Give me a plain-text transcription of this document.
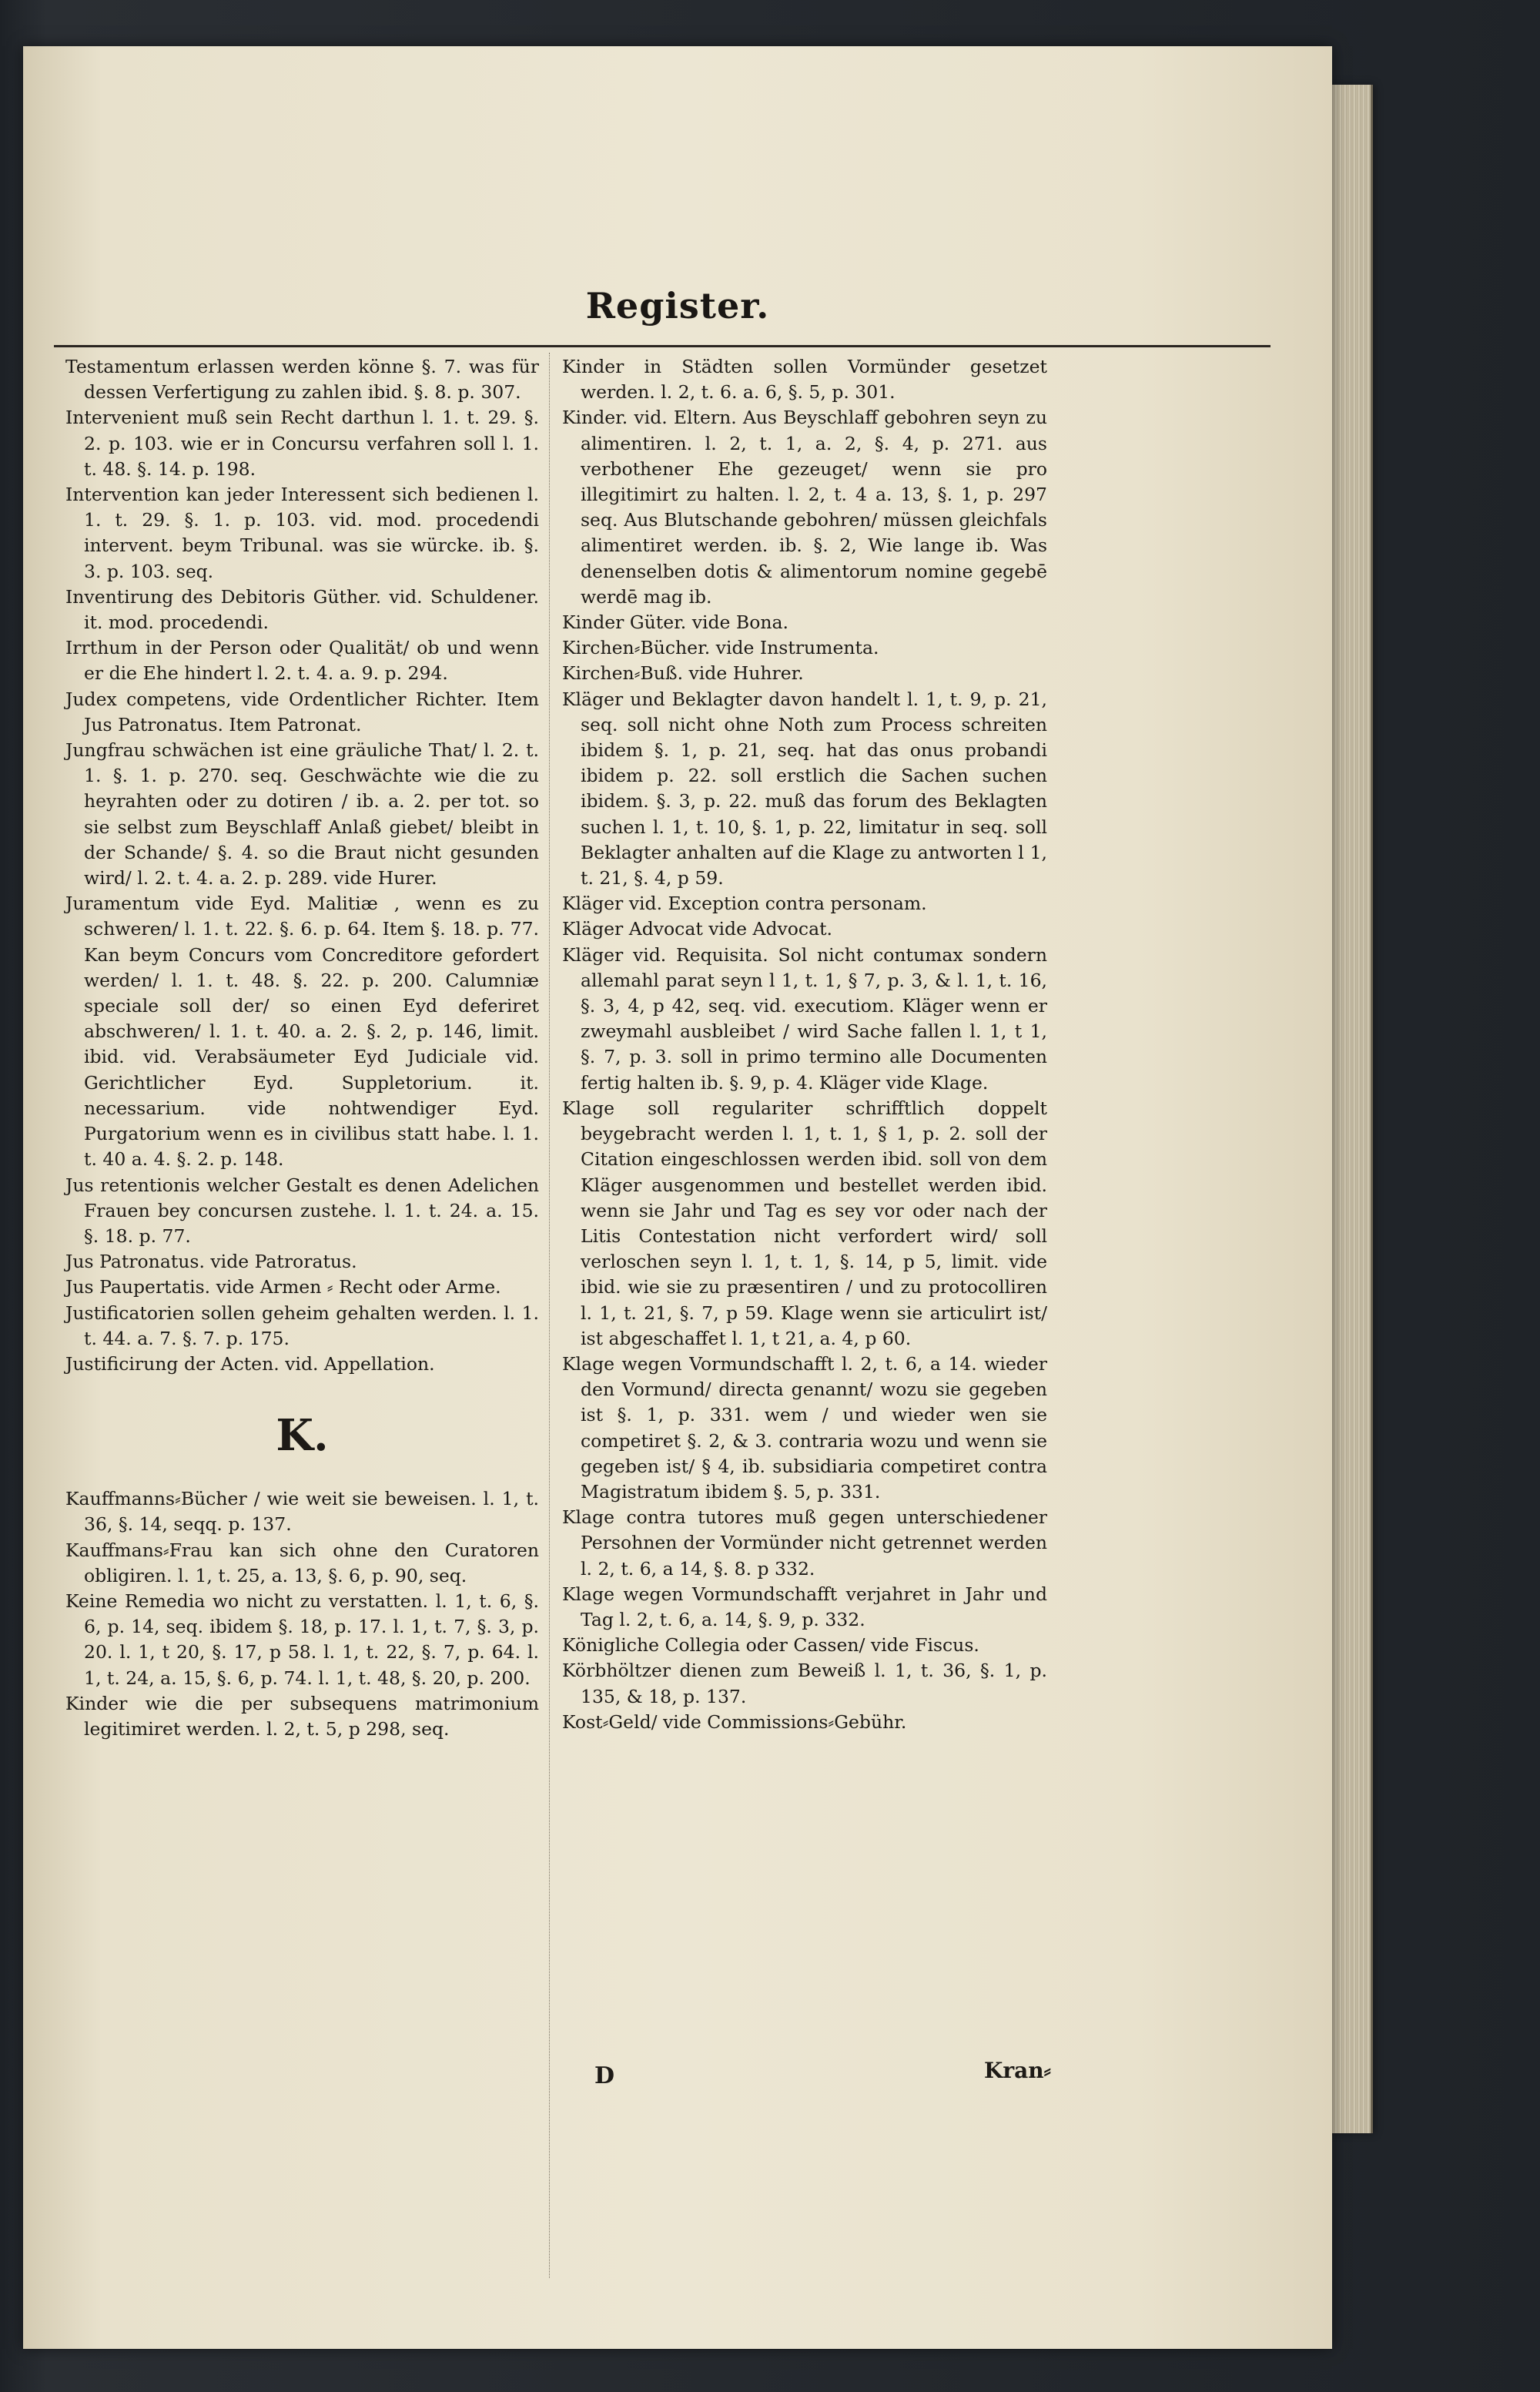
Register.

Testamentum erlassen werden könne §. 7. was für dessen Verfertigung zu zahlen ibid. §. 8. p. 307.

Intervenient muß sein Recht darthun l. 1. t. 29. §. 2. p. 103. wie er in Concursu verfahren soll l. 1. t. 48. §. 14. p. 198.

Intervention kan jeder Interessent sich bedienen l. 1. t. 29. §. 1. p. 103. vid. mod. procedendi intervent. beym Tribunal. was sie würcke. ib. §. 3. p. 103. seq.

Inventirung des Debitoris Güther. vid. Schuldener. it. mod. procedendi.

Irrthum in der Person oder Qualität/ ob und wenn er die Ehe hindert l. 2. t. 4. a. 9. p. 294.

Judex competens, vide Ordentlicher Richter. Item Jus Patronatus. Item Patronat.

Jungfrau schwächen ist eine gräuliche That/ l. 2. t. 1. §. 1. p. 270. seq. Geschwächte wie die zu heyrahten oder zu dotiren / ib. a. 2. per tot. so sie selbst zum Beyschlaff Anlaß giebet/ bleibt in der Schande/ §. 4. so die Braut nicht gesunden wird/ l. 2. t. 4. a. 2. p. 289. vide Hurer.

Juramentum vide Eyd. Malitiæ , wenn es zu schweren/ l. 1. t. 22. §. 6. p. 64. Item §. 18. p. 77. Kan beym Concurs vom Concreditore gefordert werden/ l. 1. t. 48. §. 22. p. 200. Calumniæ speciale soll der/ so einen Eyd deferiret abschweren/ l. 1. t. 40. a. 2. §. 2, p. 146, limit. ibid. vid. Verabsäumeter Eyd Judiciale vid. Gerichtlicher Eyd. Suppletorium. it. necessarium. vide nohtwendiger Eyd. Purgatorium wenn es in civilibus statt habe. l. 1. t. 40 a. 4. §. 2. p. 148.

Jus retentionis welcher Gestalt es denen Adelichen Frauen bey concursen zustehe. l. 1. t. 24. a. 15. §. 18. p. 77.

Jus Patronatus. vide Patroratus.

Jus Paupertatis. vide Armen ⸗ Recht oder Arme.

Justificatorien sollen geheim gehalten werden. l. 1. t. 44. a. 7. §. 7. p. 175.

Justificirung der Acten. vid. Appellation.

K.

Kauffmanns⸗Bücher / wie weit sie beweisen. l. 1, t. 36, §. 14, seqq. p. 137.

Kauffmans⸗Frau kan sich ohne den Curatoren obligiren. l. 1, t. 25, a. 13, §. 6, p. 90, seq.

Keine Remedia wo nicht zu verstatten. l. 1, t. 6, §. 6, p. 14, seq. ibidem §. 18, p. 17. l. 1, t. 7, §. 3, p. 20. l. 1, t 20, §. 17, p 58. l. 1, t. 22, §. 7, p. 64. l. 1, t. 24, a. 15, §. 6, p. 74. l. 1, t. 48, §. 20, p. 200.

Kinder wie die per subsequens matrimonium legitimiret werden. l. 2, t. 5, p 298, seq.

Kinder in Städten sollen Vormünder gesetzet werden. l. 2, t. 6. a. 6, §. 5, p. 301.

Kinder. vid. Eltern. Aus Beyschlaff gebohren seyn zu alimentiren. l. 2, t. 1, a. 2, §. 4, p. 271. aus verbothener Ehe gezeuget/ wenn sie pro illegitimirt zu halten. l. 2, t. 4 a. 13, §. 1, p. 297 seq. Aus Blutschande gebohren/ müssen gleichfals alimentiret werden. ib. §. 2, Wie lange ib. Was denenselben dotis & alimentorum nomine gegebē werdē mag ib.

Kinder Güter. vide Bona.

Kirchen⸗Bücher. vide Instrumenta.

Kirchen⸗Buß. vide Huhrer.

Kläger und Beklagter davon handelt l. 1, t. 9, p. 21, seq. soll nicht ohne Noth zum Process schreiten ibidem §. 1, p. 21, seq. hat das onus probandi ibidem p. 22. soll erstlich die Sachen suchen ibidem. §. 3, p. 22. muß das forum des Beklagten suchen l. 1, t. 10, §. 1, p. 22, limitatur in seq. soll Beklagter anhalten auf die Klage zu antworten l 1, t. 21, §. 4, p 59.

Kläger vid. Exception contra personam.

Kläger Advocat vide Advocat.

Kläger vid. Requisita. Sol nicht contumax sondern allemahl parat seyn l 1, t. 1, § 7, p. 3, & l. 1, t. 16, §. 3, 4, p 42, seq. vid. executiom. Kläger wenn er zweymahl ausbleibet / wird Sache fallen l. 1, t 1, §. 7, p. 3. soll in primo termino alle Documenten fertig halten ib. §. 9, p. 4. Kläger vide Klage.

Klage soll regulariter schrifftlich doppelt beygebracht werden l. 1, t. 1, § 1, p. 2. soll der Citation eingeschlossen werden ibid. soll von dem Kläger ausgenommen und bestellet werden ibid. wenn sie Jahr und Tag es sey vor oder nach der Litis Contestation nicht verfordert wird/ soll verloschen seyn l. 1, t. 1, §. 14, p 5, limit. vide ibid. wie sie zu præsentiren / und zu protocolliren l. 1, t. 21, §. 7, p 59. Klage wenn sie articulirt ist/ ist abgeschaffet l. 1, t 21, a. 4, p 60.

Klage wegen Vormundschafft l. 2, t. 6, a 14. wieder den Vormund/ directa genannt/ wozu sie gegeben ist §. 1, p. 331. wem / und wieder wen sie competiret §. 2, & 3. contraria wozu und wenn sie gegeben ist/ § 4, ib. subsidiaria competiret contra Magistratum ibidem §. 5, p. 331.

Klage contra tutores muß gegen unterschiedener Persohnen der Vormünder nicht getrennet werden l. 2, t. 6, a 14, §. 8. p 332.

Klage wegen Vormundschafft verjahret in Jahr und Tag l. 2, t. 6, a. 14, §. 9, p. 332.

Königliche Collegia oder Cassen/ vide Fiscus.

Körbhöltzer dienen zum Beweiß l. 1, t. 36, §. 1, p. 135, & 18, p. 137.

Kost⸗Geld/ vide Commissions⸗Gebühr.

D	Kran⸗
